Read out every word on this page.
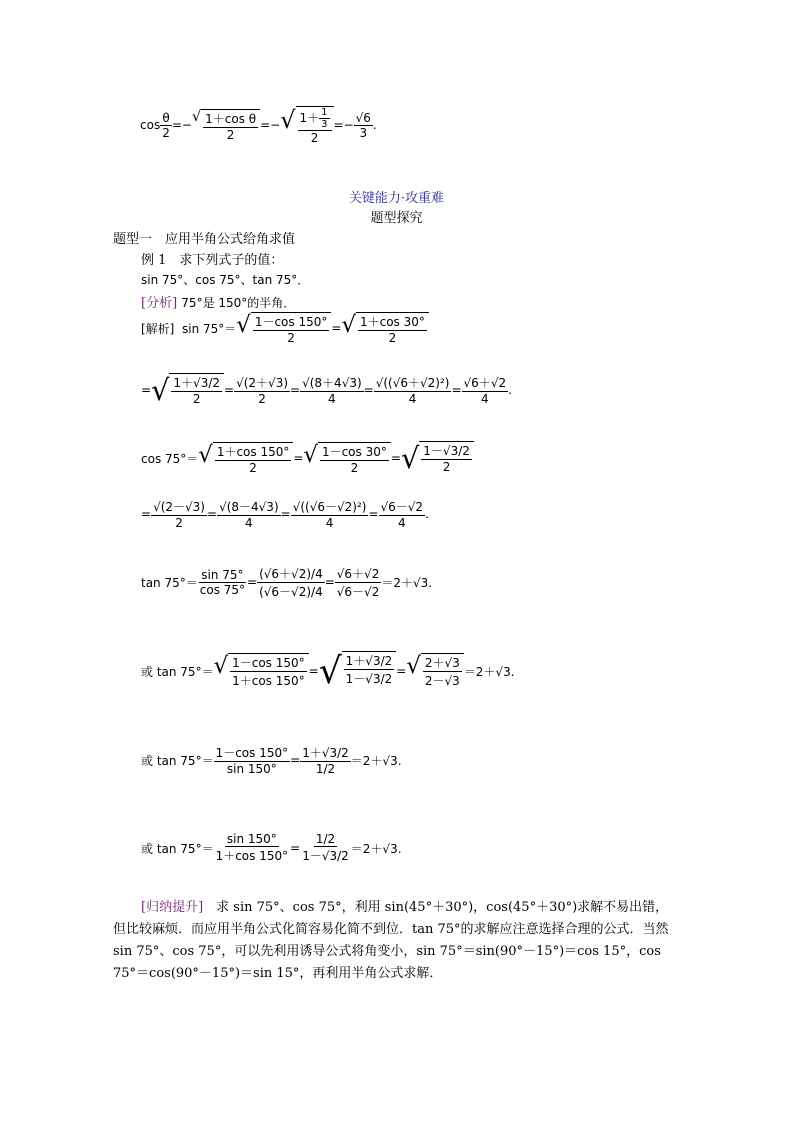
$\cos \frac{\theta}{2}$ =−
√ $\frac{\text{1＋cos θ}}{2}$ =− √ $\frac{1+ \frac{1}{3}}{2} =- \frac{√6}{3}$ .
关键能力·攻重难
题型探究
题型一　应用半角公式给角求值
例 1　求下列式子的值：
sin 75°、cos 75°、tan 75°．
[分析] 75°是 150°的半角．
[解析]
sin 75°＝ √ $\frac{1-\cos 150^\circ}{2}$ = √ $\frac{1+\cos 30^\circ}{2}$
= √ $\frac{1+√3/2}{2} = \frac{√(2+√3)}{2} = \frac{√(8+4√3)}{4} = \frac{\text{√((√6＋√2)²)}}{4} = \frac{√6+√2}{4}$ .
cos 75°＝ √ $\frac{1+\cos 150^\circ}{2}$ = √ $\frac{1-\cos 30^\circ}{2}$ = √ $\frac{1-√3/2}{2}$
= $\frac{√(2-√3)}{2} = \frac{√(8-4√3)}{4} = \frac{\text{√((√6－√2)²)}}{4} = \frac{√6-√2}{4}$ .
$\tan 75^\circ= \frac{\sin 75^\circ}{\cos 75^\circ} = \frac{(√6+√2)/4}{(√6-√2)/4} = \frac{√6+√2}{√6-√2} =2+√3$.
或 tan 75°＝ √ $\frac{1-\cos 150^\circ}{1+\cos 150^\circ}$ = √ $\frac{1+√3/2}{1-√3/2}$ = √ $\frac{2+√3}{2-√3} =2+√3$.
或 $\tan 75^\circ= \frac{1-\cos 150^\circ}{\sin 150^\circ} = \frac{1+√3/2}{1/2} =2+√3$.
或 $\tan 75^\circ= \frac{\sin 150^\circ}{1+\cos 150^\circ} = \frac{1/2}{1-√3/2} =2+√3$.
[归纳提升]　求 sin 75°、cos 75°，利用 sin(45°＋30°)，cos(45°＋30°)求解不易出错，但比较麻烦．而应用半角公式化简容易化简不到位．tan 75°的求解应注意选择合理的公式．当然 sin 75°、cos 75°，可以先利用诱导公式将角变小，sin 75°＝sin(90°－15°)＝cos 15°，cos 75°＝cos(90°－15°)＝sin 15°，再利用半角公式求解．
